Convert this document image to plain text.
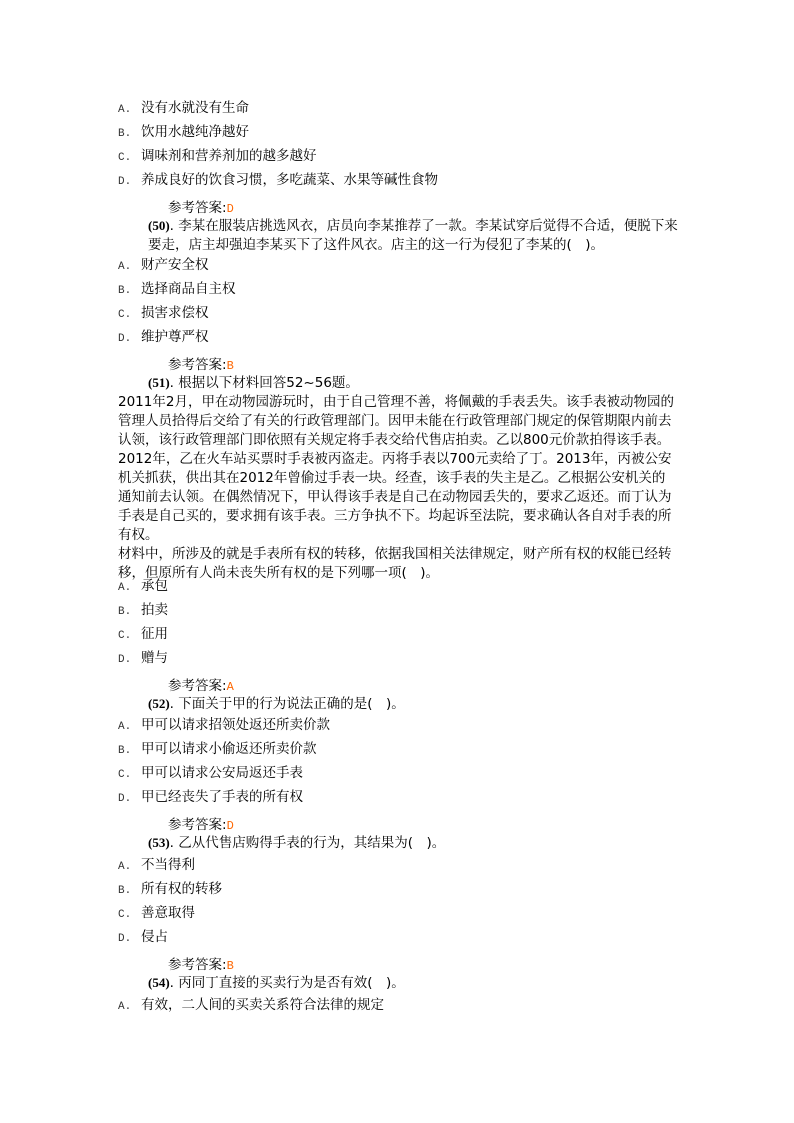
A. 没有水就没有生命
B. 饮用水越纯净越好
C. 调味剂和营养剂加的越多越好
D. 养成良好的饮食习惯，多吃蔬菜、水果等碱性食物
参考答案:D

(50). 李某在服装店挑选风衣，店员向李某推荐了一款。李某试穿后觉得不合适，便脱下来要走，店主却强迫李某买下了这件风衣。店主的这一行为侵犯了李某的(　)。

A. 财产安全权
B. 选择商品自主权
C. 损害求偿权
D. 维护尊严权
参考答案:B

(51). 根据以下材料回答52~56题。

2011年2月，甲在动物园游玩时，由于自己管理不善，将佩戴的手表丢失。该手表被动物园的管理人员拾得后交给了有关的行政管理部门。因甲未能在行政管理部门规定的保管期限内前去认领，该行政管理部门即依照有关规定将手表交给代售店拍卖。乙以800元价款拍得该手表。2012年，乙在火车站买票时手表被丙盗走。丙将手表以700元卖给了丁。2013年，丙被公安机关抓获，供出其在2012年曾偷过手表一块。经查，该手表的失主是乙。乙根据公安机关的通知前去认领。在偶然情况下，甲认得该手表是自己在动物园丢失的，要求乙返还。而丁认为手表是自己买的，要求拥有该手表。三方争执不下。均起诉至法院，要求确认各自对手表的所有权。

材料中，所涉及的就是手表所有权的转移，依据我国相关法律规定，财产所有权的权能已经转移，但原所有人尚未丧失所有权的是下列哪一项(　)。

A. 承包
B. 拍卖
C. 征用
D. 赠与
参考答案:A

(52). 下面关于甲的行为说法正确的是(　)。

A. 甲可以请求招领处返还所卖价款
B. 甲可以请求小偷返还所卖价款
C. 甲可以请求公安局返还手表
D. 甲已经丧失了手表的所有权
参考答案:D

(53). 乙从代售店购得手表的行为，其结果为(　)。

A. 不当得利
B. 所有权的转移
C. 善意取得
D. 侵占
参考答案:B

(54). 丙同丁直接的买卖行为是否有效(　)。

A. 有效，二人间的买卖关系符合法律的规定
